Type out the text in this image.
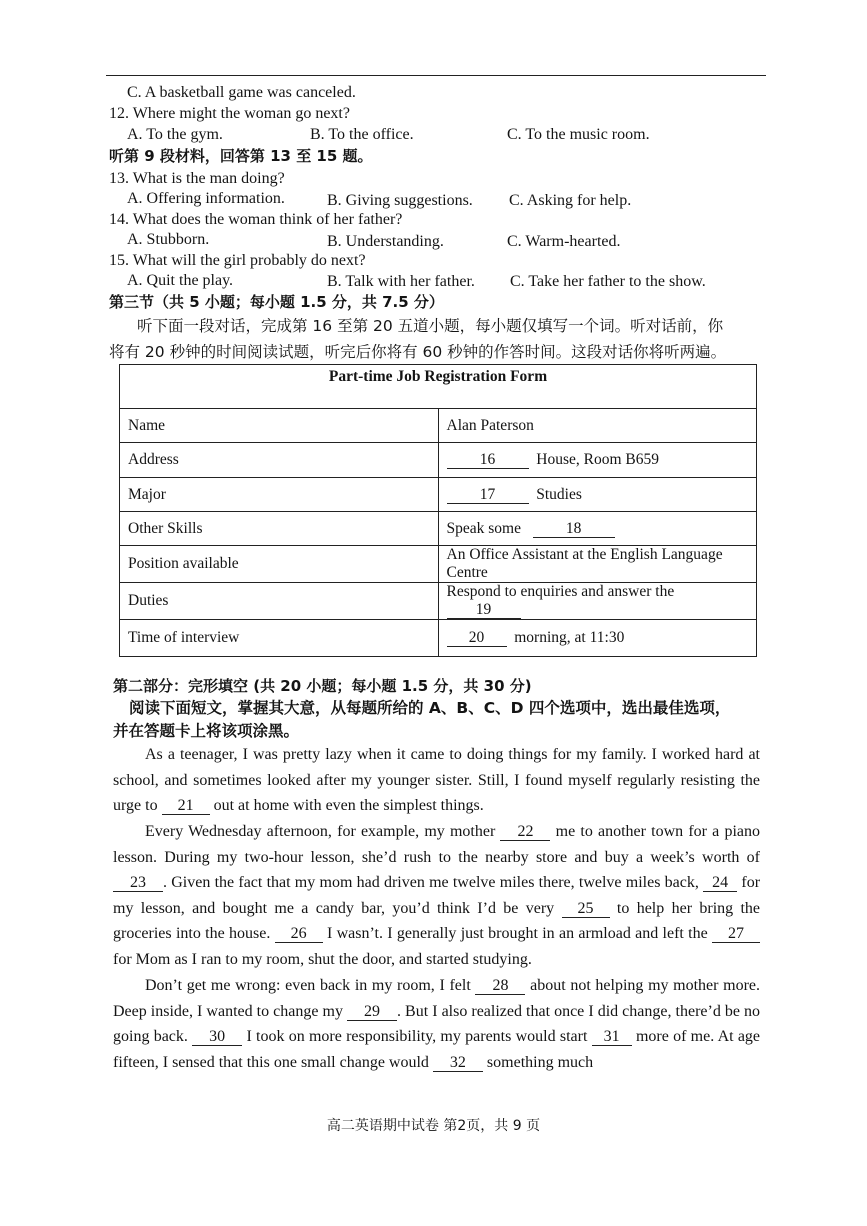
C. A basketball game was canceled.
12. Where might the woman go next?
A. To the gym.	B. To the office.	C. To the music room.
听第 9 段材料，回答第 13 至 15 题。
13. What is the man doing?
A. Offering information.	B. Giving suggestions. C. Asking for help.
14. What does the woman think of her father?
A. Stubborn.	B. Understanding.	C. Warm-hearted.
15. What will the girl probably do next?
A. Quit the play.	B. Talk with her father. C. Take her father to the show.
第三节（共 5 小题；每小题 1.5 分，共 7.5 分）
听下面一段对话，完成第 16 至第 20 五道小题，每小题仅填写一个词。听对话前，你
将有 20 秒钟的时间阅读试题，听完后你将有 60 秒钟的作答时间。这段对话你将听两遍。
Part-time Job Registration Form	
Name	Alan Paterson
Address	16 House, Room B659
Major	17 Studies
Other Skills	Speak some 18
Position available	An Office Assistant at the English Language Centre
Duties	Respond to enquiries and answer the  19
Time of interview	20 morning, at 11:30
第二部分：完形填空 (共 20 小题；每小题 1.5 分，共 30 分)
阅读下面短文，掌握其大意，从每题所给的 A、B、C、D 四个选项中，选出最佳选项，
并在答题卡上将该项涂黑。
As a teenager, I was pretty lazy when it came to doing things for my family. I worked hard at school, and sometimes looked after my younger sister. Still, I found myself regularly resisting the urge to 21 out at home with even the simplest things.
Every Wednesday afternoon, for example, my mother 22 me to another town for a piano lesson. During my two-hour lesson, she’d rush to the nearby store and buy a week’s worth of 23 . Given the fact that my mom had driven me twelve miles there, twelve miles back, 24 for my lesson, and bought me a candy bar, you’d think I’d be very 25 to help her bring the groceries into the house. 26 I wasn’t. I generally just brought in an armload and left the 27 for Mom as I ran to my room, shut the door, and started studying.
Don’t get me wrong: even back in my room, I felt 28 about not helping my mother more. Deep inside, I wanted to change my 29 . But I also realized that once I did change, there’d be no going back. 30 I took on more responsibility, my parents would start 31 more of me. At age fifteen, I sensed that this one small change would 32 something much
高二英语期中试卷 第2页，共 9 页
